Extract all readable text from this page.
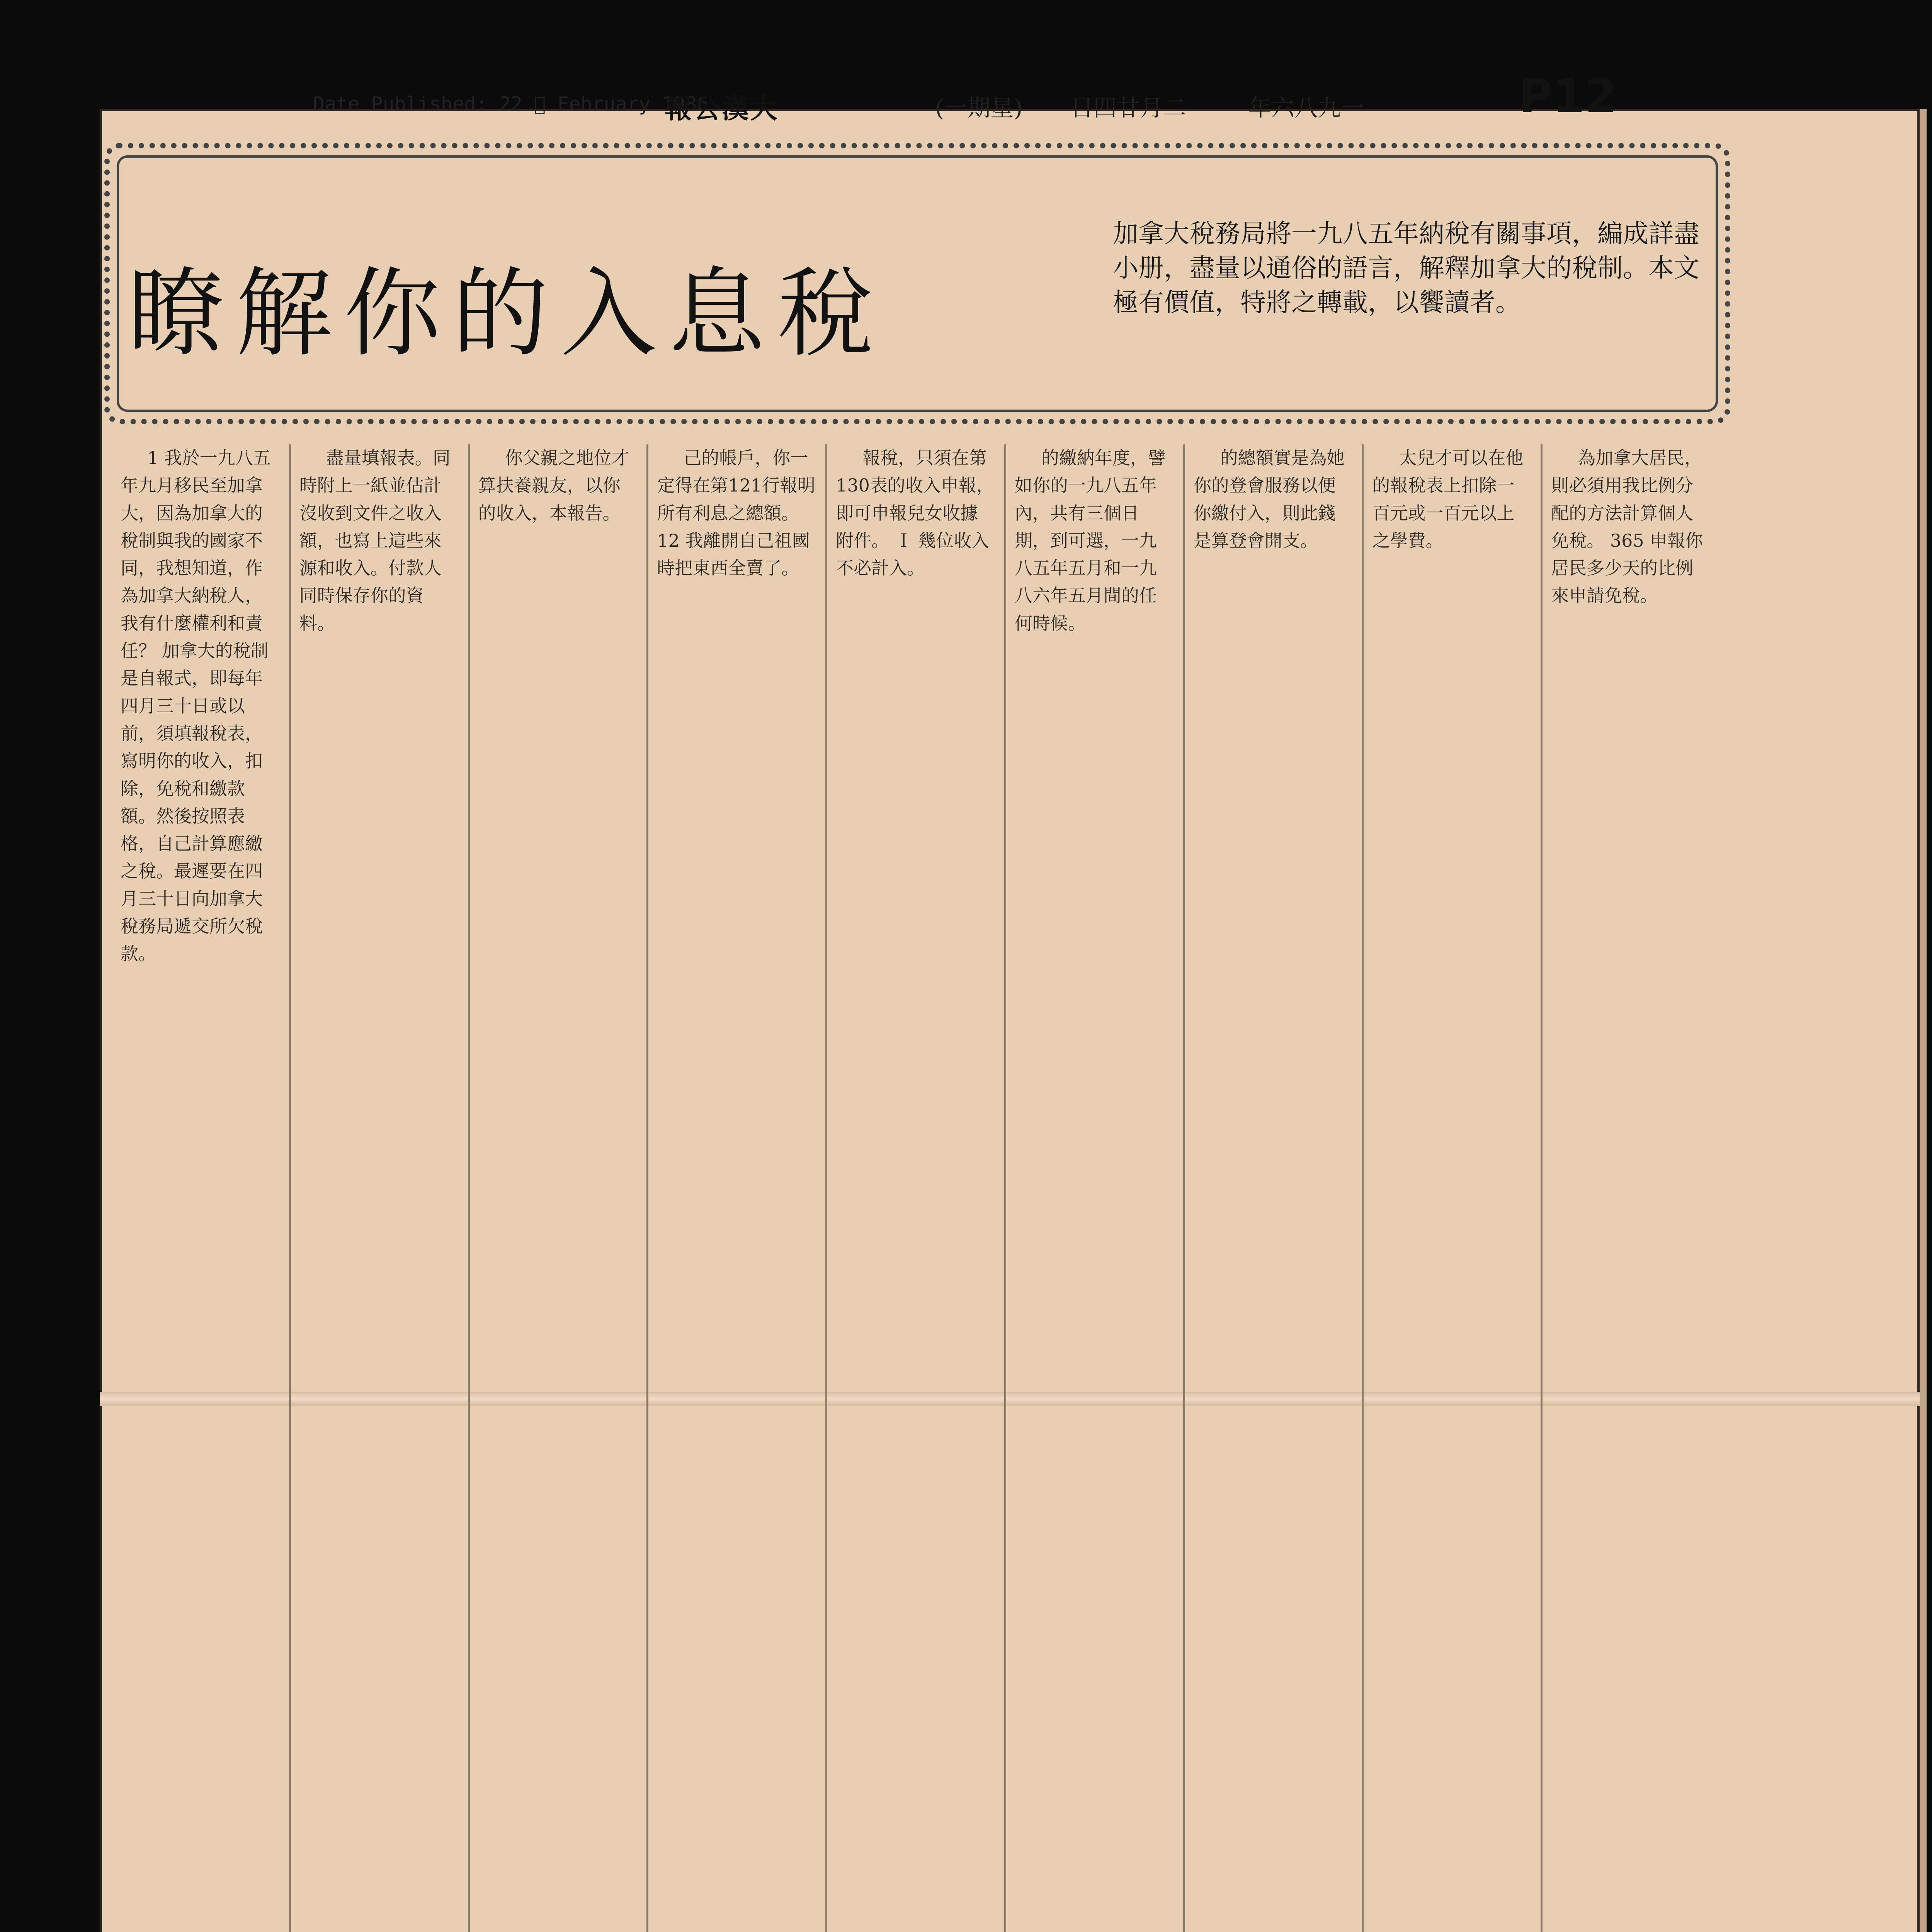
Date Published: 22 ⃠ February 1986
報公漢大	(一期星) 日四廿月二	年六八九一	P12
瞭解你的入息稅
加拿大稅務局將一九八五年納稅有關事項，編成詳盡小册，盡量以通俗的語言，解釋加拿大的稅制。本文極有價值，特將之轉載，以饗讀者。

1 我於一九八五年九月移民至加拿大，因為加拿大的稅制與我的國家不同，我想知道，作為加拿大納稅人，我有什麼權利和責任？ 加拿大的稅制是自報式，即每年四月三十日或以前，須填報稅表，寫明你的收入，扣除，免稅和繳款額。然後按照表格，自己計算應繳之稅。最遲要在四月三十日向加拿大稅務局遞交所欠稅款。

盡量填報表。同時附上一紙並估計沒收到文件之收入額，也寫上這些來源和收入。付款人同時保存你的資料。

你父親之地位才算扶養親友，以你的收入，本報告。

己的帳戶，你一定得在第121行報明所有利息之總額。 12 我離開自己祖國時把東西全賣了。

報稅，只須在第130表的收入申報，即可申報兒女收據附件。 Ｉ 幾位收入不必計入。

的繳納年度，譬如你的一九八五年內，共有三個日期，到可選，一九八五年五月和一九八六年五月間的任何時候。

的總額實是為她你的登會服務以便你繳付入，則此錢是算登會開支。

太兒才可以在他的報稅表上扣除一百元或一百元以上之學費。

為加拿大居民，則必須用我比例分配的方法計算個人免稅。 365 申報你居民多少天的比例來申請免稅。
